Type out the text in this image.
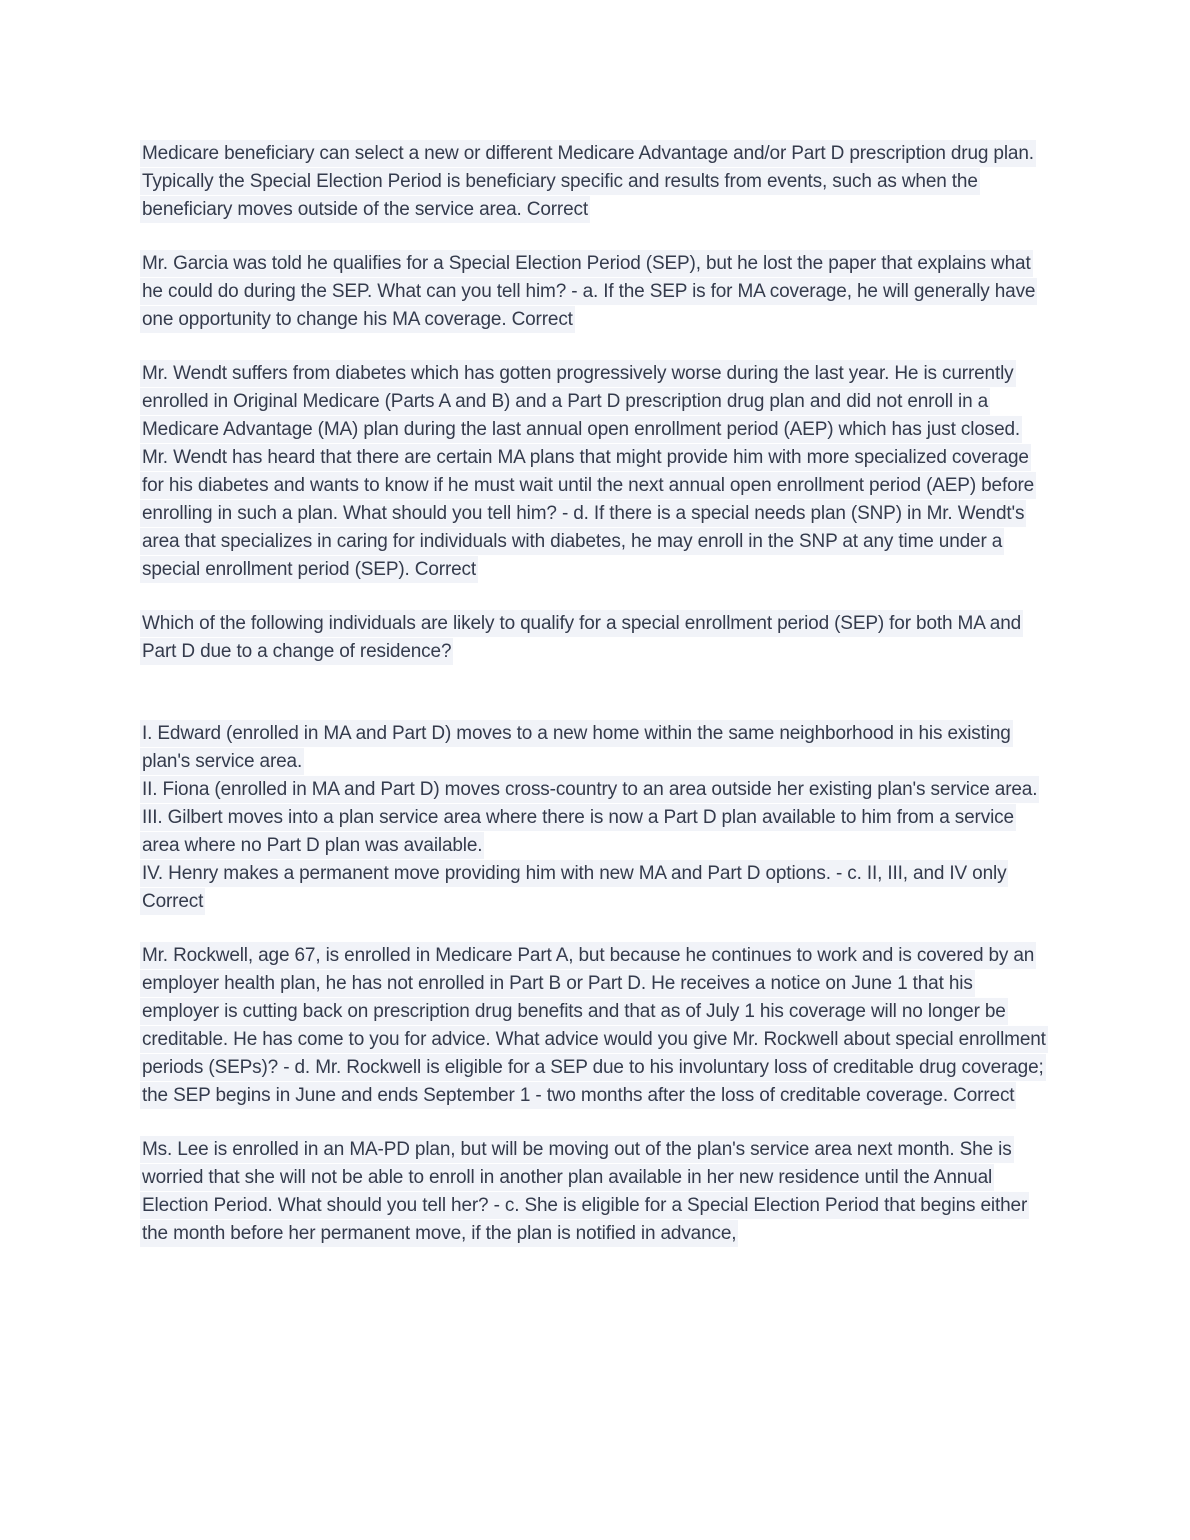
Medicare beneficiary can select a new or different Medicare Advantage and/or Part D prescription drug plan. Typically the Special Election Period is beneficiary specific and results from events, such as when the beneficiary moves outside of the service area. Correct

Mr. Garcia was told he qualifies for a Special Election Period (SEP), but he lost the paper that explains what he could do during the SEP. What can you tell him? - a. If the SEP is for MA coverage, he will generally have one opportunity to change his MA coverage. Correct

Mr. Wendt suffers from diabetes which has gotten progressively worse during the last year. He is currently enrolled in Original Medicare (Parts A and B) and a Part D prescription drug plan and did not enroll in a Medicare Advantage (MA) plan during the last annual open enrollment period (AEP) which has just closed. Mr. Wendt has heard that there are certain MA plans that might provide him with more specialized coverage for his diabetes and wants to know if he must wait until the next annual open enrollment period (AEP) before enrolling in such a plan. What should you tell him? - d. If there is a special needs plan (SNP) in Mr. Wendt's area that specializes in caring for individuals with diabetes, he may enroll in the SNP at any time under a special enrollment period (SEP). Correct

Which of the following individuals are likely to qualify for a special enrollment period (SEP) for both MA and Part D due to a change of residence?

I. Edward (enrolled in MA and Part D) moves to a new home within the same neighborhood in his existing plan's service area.
II. Fiona (enrolled in MA and Part D) moves cross-country to an area outside her existing plan's service area.
III. Gilbert moves into a plan service area where there is now a Part D plan available to him from a service area where no Part D plan was available.
IV. Henry makes a permanent move providing him with new MA and Part D options. - c. II, III, and IV only Correct

Mr. Rockwell, age 67, is enrolled in Medicare Part A, but because he continues to work and is covered by an employer health plan, he has not enrolled in Part B or Part D. He receives a notice on June 1 that his employer is cutting back on prescription drug benefits and that as of July 1 his coverage will no longer be creditable. He has come to you for advice. What advice would you give Mr. Rockwell about special enrollment periods (SEPs)? - d. Mr. Rockwell is eligible for a SEP due to his involuntary loss of creditable drug coverage; the SEP begins in June and ends September 1 - two months after the loss of creditable coverage. Correct

Ms. Lee is enrolled in an MA-PD plan, but will be moving out of the plan's service area next month. She is worried that she will not be able to enroll in another plan available in her new residence until the Annual Election Period. What should you tell her? - c. She is eligible for a Special Election Period that begins either the month before her permanent move, if the plan is notified in advance,
